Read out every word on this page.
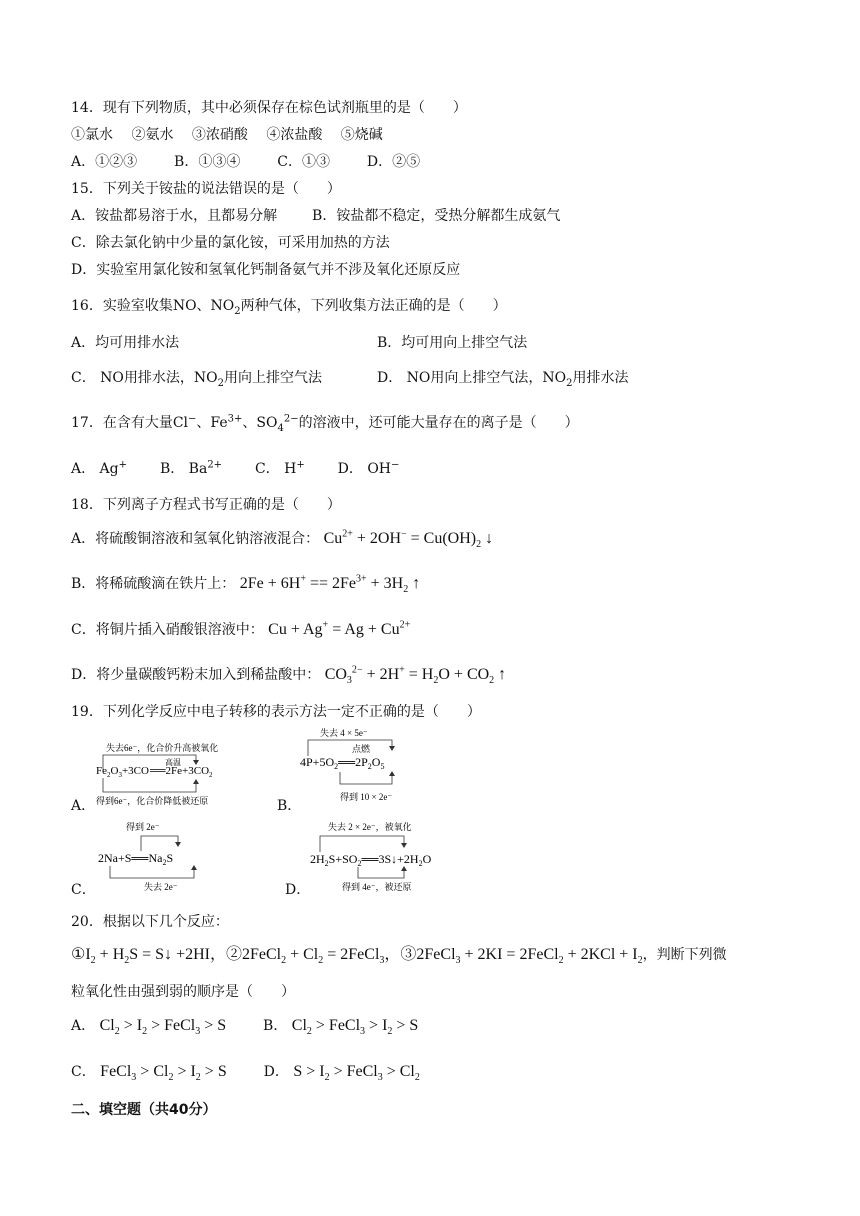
14．现有下列物质，其中必须保存在棕色试剂瓶里的是（　　）
①氯水　 ②氨水　 ③浓硝酸　 ④浓盐酸　 ⑤烧碱
A．①②③	B．①③④	C．①③	D．②⑤
15．下列关于铵盐的说法错误的是（　　）
A．铵盐都易溶于水，且都易分解 B．铵盐都不稳定，受热分解都生成氨气
C．除去氯化钠中少量的氯化铵，可采用加热的方法
D．实验室用氯化铵和氢氧化钙制备氨气并不涉及氧化还原反应
16．实验室收集NO、$NO_2$两种气体，下列收集方法正确的是（　　）
A．均可用排水法	B．均可用向上排空气法
C． NO用排水法，$NO_2$用向上排空气法	D． NO用向上排空气法，$NO_2$用排水法
17．在含有大量Cl−、$Fe^{3+}$、$SO_4^{2-}$的溶液中，还可能大量存在的离子是（　　）
A． Ag+ B． $Ba^{2+}$ C． H+ D． OH−
18．下列离子方程式书写正确的是（　　）
A．将硫酸铜溶液和氢氧化钠溶液混合： $Cu^{2+} + 2OH^- = Cu(OH)_2$ ↓
B．将稀硫酸滴在铁片上： $2Fe + 6H^+ == 2Fe^{3+} + 3H_2$ ↑
C．将铜片插入硝酸银溶液中： $Cu + Ag^+ = Ag + Cu^{2+}$
D．将少量碳酸钙粉末加入到稀盐酸中： $CO_3^{2-} + 2H^+ = H_2O + CO_2$ ↑
19．下列化学反应中电子转移的表示方法一定不正确的是（　　）
失去6e⁻，化合价升高被氧化
$Fe_2O_3+3CO══2Fe+3CO_2$
高温
得到6e⁻，化合价降低被还原
A．
失去 4 × 5e⁻
点燃
$4P+5O_2══2P_2O_5$
得到 10 × 2e⁻
B．
得到 2e⁻
$2Na+S══Na_2S$
失去 2e⁻
C．
失去 2 × 2e⁻，被氧化
$2H_2S+SO_2══3S↓+2H_2O$
得到 4e⁻，被还原
D．
20．根据以下几个反应：
$①I_2 + H_2S$ = S↓ +2HI，②2FeCl$_2$ + $Cl_2$ = 2FeCl$_3$，③2FeCl$_3$ + 2KI = 2FeCl$_2$ + $2KCl + I_2$，判断下列微
粒氧化性由强到弱的顺序是（　　）
A． $Cl_2 > I_2$ > FeCl$_3$ > S	B． $Cl_2$ > FeCl$_3$ > $I_2 > S$
C． FeCl$_3$ > $Cl_2 > I_2 > S$	D． $S > I_2$ > FeCl$_3$ > $Cl_2$
二、填空题（共40分）
